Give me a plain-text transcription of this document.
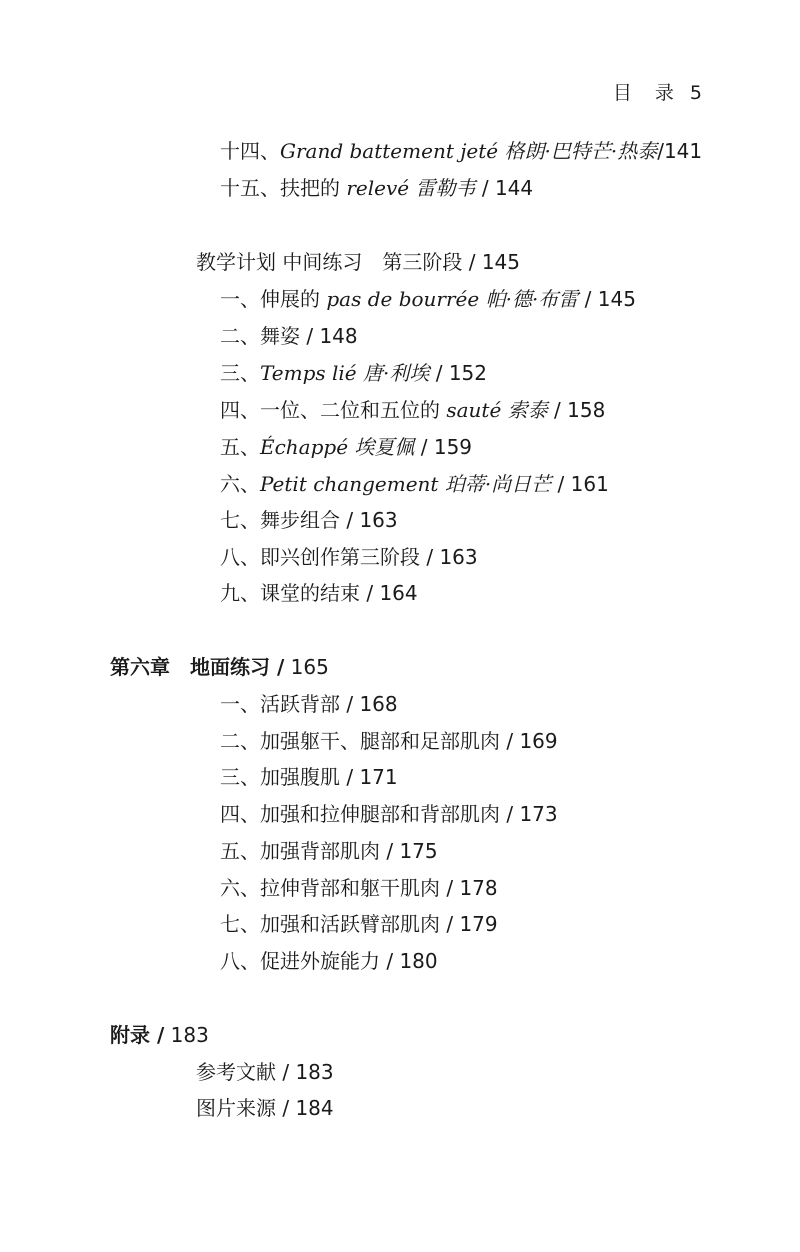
目　录 5
十四、Grand battement jeté 格朗·巴特芒·热泰/141
十五、扶把的 relevé 雷勒韦 / 144
教学计划 中间练习　第三阶段 / 145
一、伸展的 pas de bourrée 帕·德·布雷 / 145
二、舞姿 / 148
三、Temps lié 唐·利埃 / 152
四、一位、二位和五位的 sauté 索泰 / 158
五、Échappé 埃夏佩 / 159
六、Petit changement 珀蒂·尚日芒 / 161
七、舞步组合 / 163
八、即兴创作第三阶段 / 163
九、课堂的结束 / 164
第六章　地面练习 / 165
一、活跃背部 / 168
二、加强躯干、腿部和足部肌肉 / 169
三、加强腹肌 / 171
四、加强和拉伸腿部和背部肌肉 / 173
五、加强背部肌肉 / 175
六、拉伸背部和躯干肌肉 / 178
七、加强和活跃臂部肌肉 / 179
八、促进外旋能力 / 180
附录 / 183
参考文献 / 183
图片来源 / 184
